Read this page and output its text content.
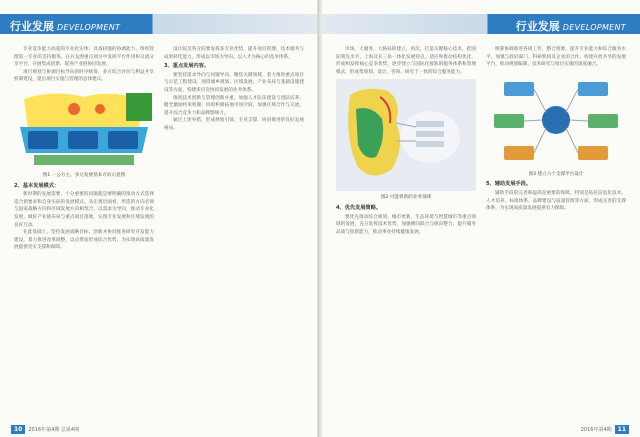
行业发展 DEVELOPMENT

专业竞争能力高超的专业化实体；具备较强的协调能力、组织管理第一专业的支持服务。在兵戈围重点项目中发挥平台作用和交流分享平台，开展集成创新，促进产业链协同发展。

项目规划与协调目标导向的时序统筹，多方综合评价与利益共享机制建设，提出项目实施与管理的总体建议。

图1 一公方主、多元发展基本方向示意图

2、基本发展模式：

新时期的发展需要，十分重要的问题就是要明确的推动方式选择适合新要求和自身实际的发展模式。从宏观层面看，所选的方向必须与国家战略方向和区域发展方向相契合，以需求为导向，推动专业化发展，做好产业链布局与重点项目落地，实现专业发展和区域发展的良好互动。

在此基础上，坚持发展战略目标；创新并协同推进研究开发能力建设，着力推进改革调整，以点带面形成综合优势，为实现高质量发展提供坚实支撑和保障。

设计院及各分院要发挥多专业优势，提升项目管理、技术服务与成果转化能力，形成以市场为导向、以人才为核心的竞争体系。

3、重点发展内容。

要坚持需求导向与问题导向，聚焦关键领域，着力推进重点项目与示范工程建设。围绕城乡规划、区域发展、产业布局与基础设施建设等方面，构建多层次协同发展的业务体系。

推进技术创新与管理创新并重，加强人才队伍建设与团队培养，健全激励约束机制；同时积极拓展市场空间，加强区域合作与交流，提升综合竞争力和品牌影响力。

通过上述举措，形成规划引领、专业支撑、协同推进的良好发展格局。

10	2016年第4期 总第4期
行业发展 DEVELOPMENT

市场、大服务、大格局的建立，再次，打造关键核心技术，把国际领先水平，上海及长三角一体化发展特点，适应和推动结构优化，形成和发挥核心竞争优势，逐步建立与国际化接轨的服务体系和管理模式，形成集规划、设计、咨询、研究于一体的综合服务能力。

图2 可能将新的业务领域

4、优先发展策略。

要优先推动综合规划、城市更新、生态环境与智慧城市等重点领域的发展，充分发挥技术优势，加强横向联合与纵向整合，提升服务品质与创新能力，推动事业持续健康发展。

统筹协调推进各项工作，整合资源，提升专业能力和综合服务水平，加强与政府部门、科研机构及企业的合作，构建开放共享的发展平台，推动规划编制、技术研究与项目实施的深度融合。

图3 建立六个支撑平台设计

5、辅助发展手段。

辅助手段的完善和提高是重要的保障，特别是依托信息化技术、人才培养、标准体系、品牌建设与质量管理等方面，形成完善的支撑体系，为实现高质量发展提供有力保障。

2016年第4期	11
